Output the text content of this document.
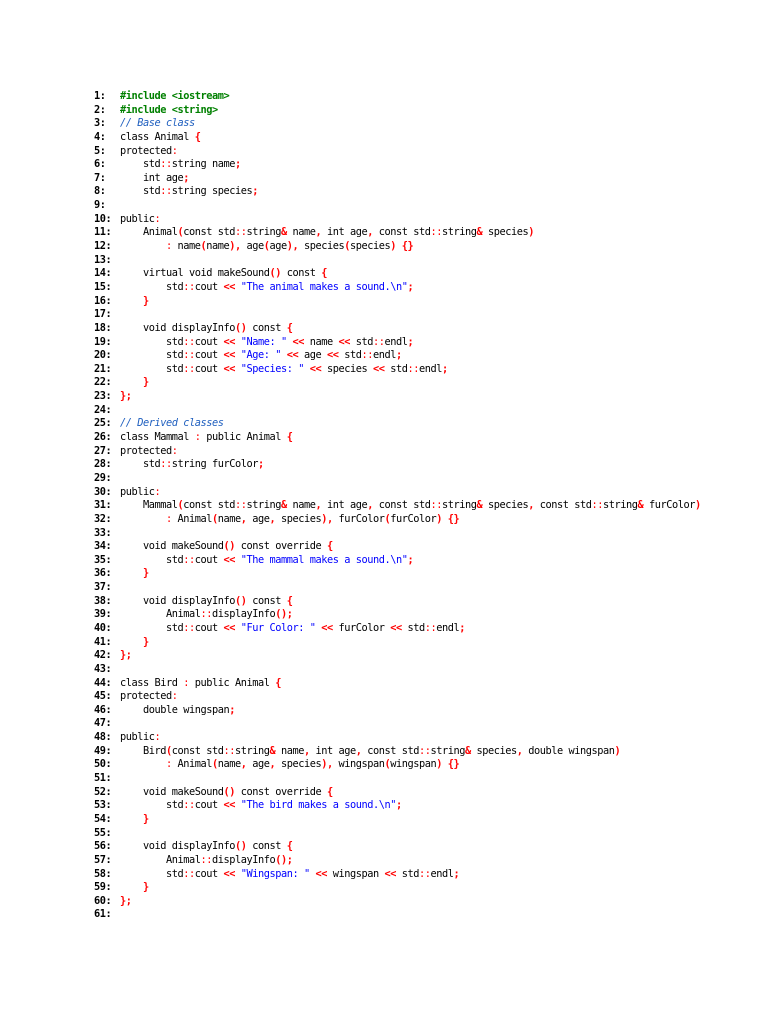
1: #include <iostream>
2: #include <string>
3: // Base class
4: class Animal {
5: protected:
6:    std::string name;
7:    int age;
8:    std::string species;
9:
10: public:
11:    Animal(const std::string& name, int age, const std::string& species)
12:	: name(name), age(age), species(species) {}
13:
14:    virtual void makeSound() const {
15:        std::cout << "The animal makes a sound.\n";
16:	}
17:
18:    void displayInfo() const {
19:        std::cout << "Name: " << name << std::endl;
20:        std::cout << "Age: " << age << std::endl;
21:        std::cout << "Species: " << species << std::endl;
22:	}
23: };
24:
25: // Derived classes
26: class Mammal : public Animal {
27: protected:
28:    std::string furColor;
29:
30: public:
31:    Mammal(const std::string& name, int age, const std::string& species, const std::string& furColor)
32:	: Animal(name, age, species), furColor(furColor) {}
33:
34:    void makeSound() const override {
35:        std::cout << "The mammal makes a sound.\n";
36:	}
37:
38:    void displayInfo() const {
39:        Animal::displayInfo();
40:        std::cout << "Fur Color: " << furColor << std::endl;
41:	}
42: };
43:
44: class Bird : public Animal {
45: protected:
46:    double wingspan;
47:
48: public:
49:    Bird(const std::string& name, int age, const std::string& species, double wingspan)
50:	: Animal(name, age, species), wingspan(wingspan) {}
51:
52:    void makeSound() const override {
53:        std::cout << "The bird makes a sound.\n";
54:	}
55:
56:    void displayInfo() const {
57:        Animal::displayInfo();
58:        std::cout << "Wingspan: " << wingspan << std::endl;
59:	}
60: };
61:
